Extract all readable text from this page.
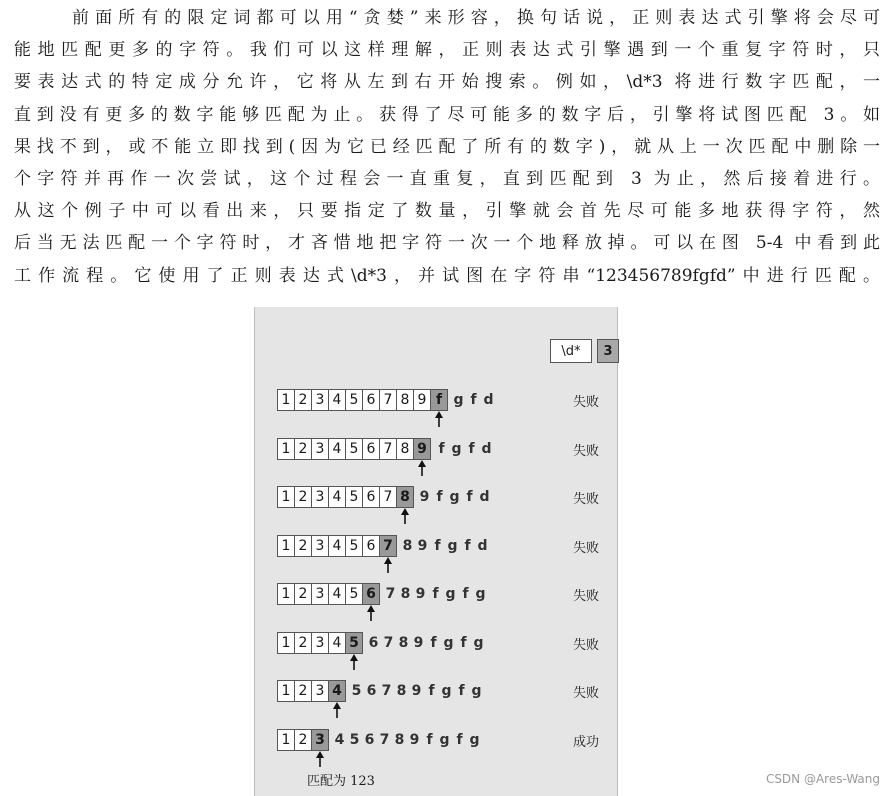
前面所有的限定词都可以用“贪婪”来形容，换句话说，正则表达式引擎将会尽可
能地匹配更多的字符。我们可以这样理解，正则表达式引擎遇到一个重复字符时，只
要表达式的特定成分允许，它将从左到右开始搜索。例如，\d*3 将进行数字匹配，一
直到没有更多的数字能够匹配为止。获得了尽可能多的数字后，引擎将试图匹配 3。如
果找不到，或不能立即找到(因为它已经匹配了所有的数字)，就从上一次匹配中删除一
个字符并再作一次尝试，这个过程会一直重复，直到匹配到 3 为止，然后接着进行。
从这个例子中可以看出来，只要指定了数量，引擎就会首先尽可能多地获得字符，然
后当无法匹配一个字符时，才吝惜地把字符一次一个地释放掉。可以在图 5-4 中看到此
工作流程。它使用了正则表达式\d*3，并试图在字符串“123456789fgfd”中进行匹配。
\d*	3
1 2 3 4 5 6 7 8 9 f g f d	失败
1 2 3 4 5 6 7 8 9 f g f d	失败
1 2 3 4 5 6 7 8 9 f g f d	失败
1 2 3 4 5 6 7 8 9 f g f d	失败
1 2 3 4 5 6 7 8 9 f g f g	失败
1 2 3 4 5 6 7 8 9 f g f g	失败
1 2 3 4 5 6 7 8 9 f g f g	失败
1 2 3 4 5 6 7 8 9 f g f g	成功
匹配为 123	CSDN @Ares-Wang
